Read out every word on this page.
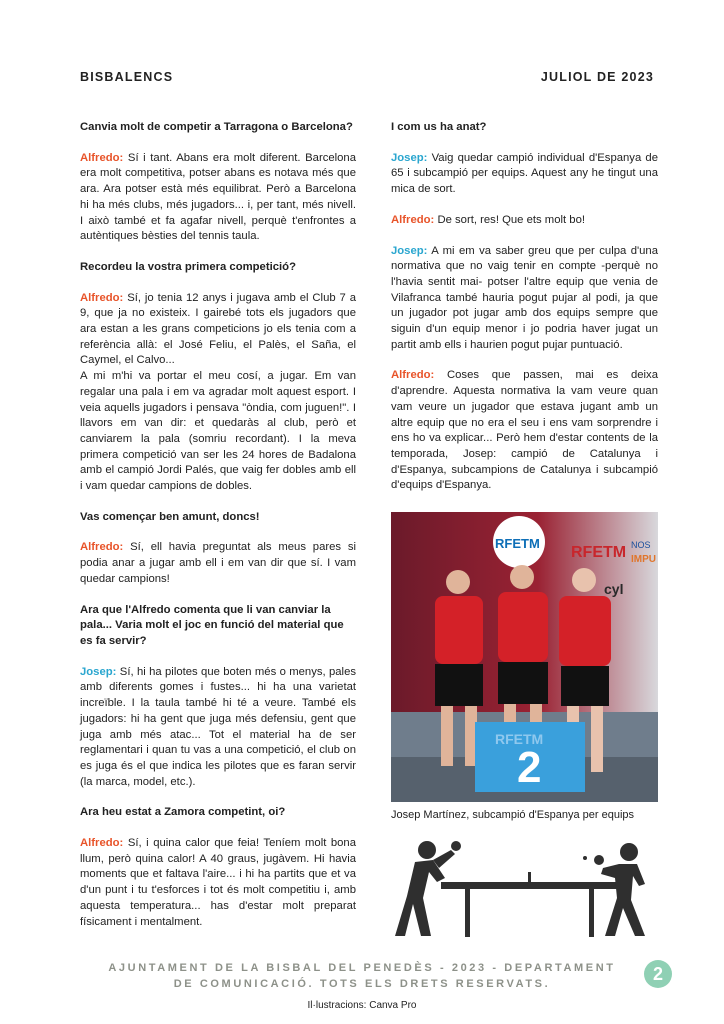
BISBALENCS	JULIOL DE 2023
Canvia molt de competir a Tarragona o Barcelona?
Alfredo: Sí i tant. Abans era molt diferent. Barcelona era molt competitiva, potser abans es notava més que ara. Ara potser està més equilibrat. Però a Barcelona hi ha més clubs, més jugadors... i, per tant, més nivell. I això també et fa agafar nivell, perquè t'enfrontes a autèntiques bèsties del tennis taula.
Recordeu la vostra primera competició?
Alfredo: Sí, jo tenia 12 anys i jugava amb el Club 7 a 9, que ja no existeix. I gairebé tots els jugadors que ara estan a les grans competicions jo els tenia com a referència allà: el José Feliu, el Palès, el Saña, el Caymel, el Calvo...
A mi m'hi va portar el meu cosí, a jugar. Em van regalar una pala i em va agradar molt aquest esport. I veia aquells jugadors i pensava "òndia, com juguen!". I llavors em van dir: et quedaràs al club, però et canviarem la pala (somriu recordant). I la meva primera competició van ser les 24 hores de Badalona amb el campió Jordi Palés, que vaig fer dobles amb ell i vam quedar campions de dobles.
Vas començar ben amunt, doncs!
Alfredo: Sí, ell havia preguntat als meus pares si podia anar a jugar amb ell i em van dir que sí. I vam quedar campions!
Ara que l'Alfredo comenta que li van canviar la pala... Varia molt el joc en funció del material que es fa servir?
Josep: Sí, hi ha pilotes que boten més o menys, pales amb diferents gomes i fustes... hi ha una varietat increïble. I la taula també hi té a veure. També els jugadors: hi ha gent que juga més defensiu, gent que juga amb més atac... Tot el material ha de ser reglamentari i quan tu vas a una competició, el club on es juga és el que indica les pilotes que es faran servir (la marca, model, etc.).
Ara heu estat a Zamora competint, oi?
Alfredo: Sí, i quina calor que feia! Teníem molt bona llum, però quina calor! A 40 graus, jugàvem. Hi havia moments que et faltava l'aire... i hi ha partits que et va d'un punt i tu t'esforces i tot és molt competitiu i, amb aquesta temperatura... has d'estar molt preparat físicament i mentalment.
I com us ha anat?
Josep: Vaig quedar campió individual d'Espanya de 65 i subcampió per equips. Aquest any he tingut una mica de sort.
Alfredo: De sort, res! Que ets molt bo!
Josep: A mi em va saber greu que per culpa d'una normativa que no vaig tenir en compte -perquè no l'havia sentit mai- potser l'altre equip que venia de Vilafranca també hauria pogut pujar al podi, ja que un jugador pot jugar amb dos equips sempre que siguin d'un equip menor i jo podria haver jugat un partit amb ells i haurien pogut pujar puntuació.
Alfredo: Coses que passen, mai es deixa d'aprendre. Aquesta normativa la vam veure quan vam veure un jugador que estava jugant amb un altre equip que no era el seu i ens vam sorprendre i ens ho va explicar... Però hem d'estar contents de la temporada, Josep: campió de Catalunya i d'Espanya, subcampions de Catalunya i subcampió d'equips d'Espanya.
RFETM
RFETM NOS
IMPU
cyl
RFETM
2
Josep Martínez, subcampió d'Espanya per equips
AJUNTAMENT DE LA BISBAL DEL PENEDÈS - 2023 - DEPARTAMENT
DE COMUNICACIÓ. TOTS ELS DRETS RESERVATS.	2
Il·lustracions: Canva Pro
